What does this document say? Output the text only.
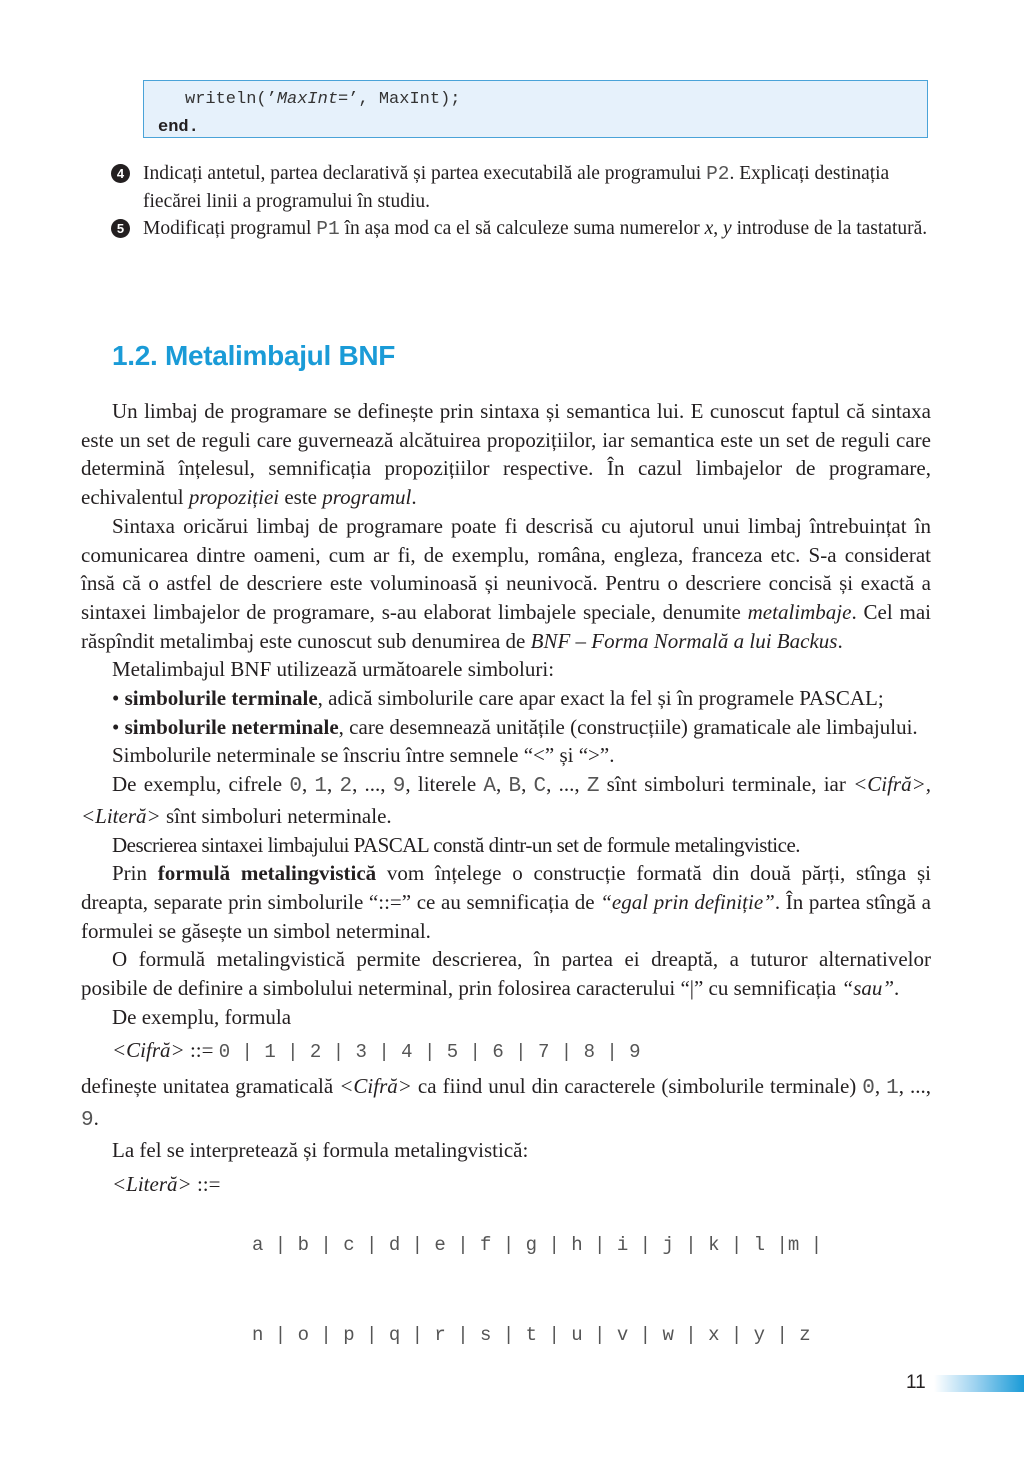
writeln(’MaxInt=’, MaxInt);
end.
4 Indicați antetul, partea declarativă și partea executabilă ale programului P2. Explicați destinația fiecărei linii a programului în studiu.
5 Modificați programul P1 în așa mod ca el să calculeze suma numerelor x, y introduse de la tastatură.
1.2. Metalimbajul BNF

Un limbaj de programare se definește prin sintaxa și semantica lui. E cunoscut faptul că sintaxa este un set de reguli care guvernează alcătuirea propozițiilor, iar semantica este un set de reguli care determină înțelesul, semnificația propozițiilor respective. În cazul limbajelor de programare, echivalentul propoziției este programul.

Sintaxa oricărui limbaj de programare poate fi descrisă cu ajutorul unui limbaj întrebuințat în comunicarea dintre oameni, cum ar fi, de exemplu, româna, engleza, franceza etc. S-a considerat însă că o astfel de descriere este voluminoasă și neunivocă. Pentru o descriere concisă și exactă a sintaxei limbajelor de programare, s-au elaborat limbajele speciale, denumite metalimbaje. Cel mai răspîndit metalimbaj este cunoscut sub denumirea de BNF – Forma Normală a lui Backus.

Metalimbajul BNF utilizează următoarele simboluri:

• simbolurile terminale, adică simbolurile care apar exact la fel și în programele PASCAL;

• simbolurile neterminale, care desemnează unitățile (construcțiile) gramaticale ale limbajului.

Simbolurile neterminale se înscriu între semnele “<” și “>”.

De exemplu, cifrele 0, 1, 2, ..., 9, literele A, B, C, ..., Z sînt simboluri terminale, iar <Cifră>, <Literă> sînt simboluri neterminale.

Descrierea sintaxei limbajului PASCAL constă dintr-un set de formule metalingvistice.

Prin formulă metalingvistică vom înțelege o construcție formată din două părți, stînga și dreapta, separate prin simbolurile “::=” ce au semnificația de “egal prin definiție”. În partea stîngă a formulei se găsește un simbol neterminal.

O formulă metalingvistică permite descrierea, în partea ei dreaptă, a tuturor alternativelor posibile de definire a simbolului neterminal, prin folosirea caracterului “|” cu semnificația “sau”.

De exemplu, formula

<Cifră> ::= 0 | 1 | 2 | 3 | 4 | 5 | 6 | 7 | 8 | 9

definește unitatea gramaticală <Cifră> ca fiind unul din caracterele (simbolurile terminale) 0, 1, ..., 9.

La fel se interpretează și formula metalingvistică:

<Literă> ::=

a | b | c | d | e | f | g | h | i | j | k | l |m |

n | o | p | q | r | s | t | u | v | w | x | y | z

11
